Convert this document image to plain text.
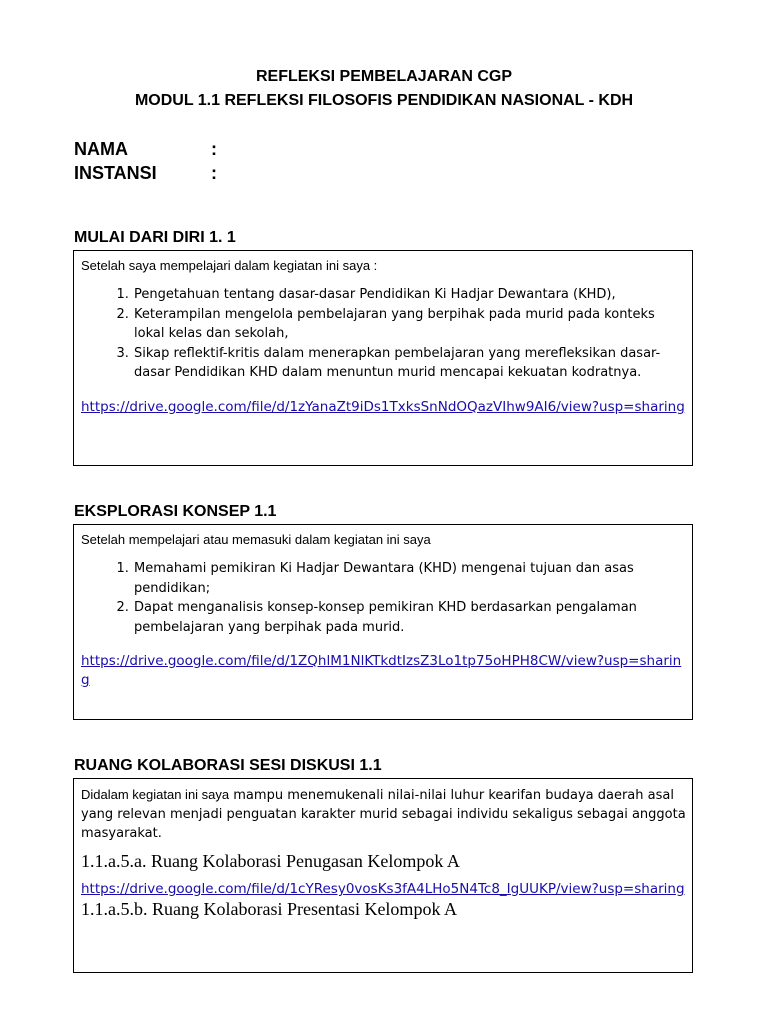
REFLEKSI PEMBELAJARAN CGP
MODUL 1.1 REFLEKSI FILOSOFIS PENDIDIKAN NASIONAL - KDH
NAMA	:
INSTANSI	:
MULAI DARI DIRI 1. 1

Setelah saya mempelajari dalam kegiatan ini saya :

1. Pengetahuan tentang dasar-dasar Pendidikan Ki Hadjar Dewantara (KHD),
2. Keterampilan mengelola pembelajaran yang berpihak pada murid pada konteks lokal kelas dan sekolah,
3. Sikap reflektif-kritis dalam menerapkan pembelajaran yang merefleksikan dasar-dasar Pendidikan KHD dalam menuntun murid mencapai kekuatan kodratnya.
https://drive.google.com/file/d/1zYanaZt9iDs1TxksSnNdOQazVIhw9AI6/view?usp=sharing
EKSPLORASI KONSEP 1.1

Setelah mempelajari atau memasuki dalam kegiatan ini saya

1. Memahami pemikiran Ki Hadjar Dewantara (KHD) mengenai tujuan dan asas pendidikan;
2. Dapat menganalisis konsep-konsep pemikiran KHD berdasarkan pengalaman pembelajaran yang berpihak pada murid.
https://drive.google.com/file/d/1ZQhlM1NlKTkdtIzsZ3Lo1tp75oHPH8CW/view?usp=sharing
RUANG KOLABORASI SESI DISKUSI 1.1

Didalam kegiatan ini saya mampu menemukenali nilai-nilai luhur kearifan budaya daerah asal yang relevan menjadi penguatan karakter murid sebagai individu sekaligus sebagai anggota masyarakat.

1.1.a.5.a. Ruang Kolaborasi Penugasan Kelompok A

https://drive.google.com/file/d/1cYResy0vosKs3fA4LHo5N4Tc8_IgUUKP/view?usp=sharing

1.1.a.5.b. Ruang Kolaborasi Presentasi Kelompok A
